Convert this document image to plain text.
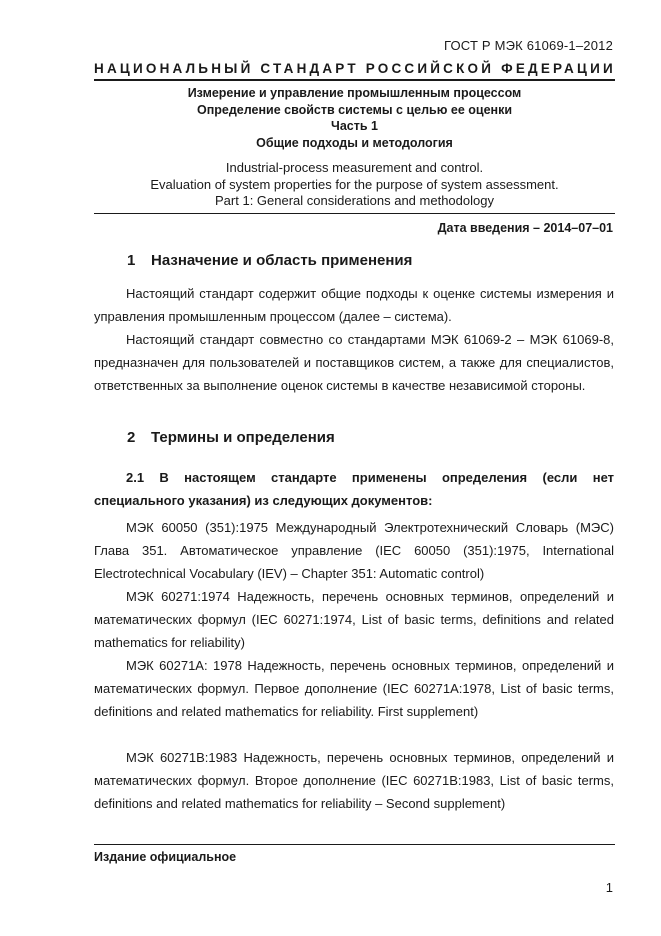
ГОСТ Р МЭК 61069-1–2012
НАЦИОНАЛЬНЫЙ СТАНДАРТ РОССИЙСКОЙ ФЕДЕРАЦИИ
Измерение и управление промышленным процессом
Определение свойств системы с целью ее оценки
Часть 1
Общие подходы и методология
Industrial-process measurement and control.
Evaluation of system properties for the purpose of system assessment.
Part 1: General considerations and methodology
Дата введения – 2014–07–01
1 Назначение и область применения
Настоящий стандарт содержит общие подходы к оценке системы измерения и управления промышленным процессом (далее – система).
Настоящий стандарт совместно со стандартами МЭК 61069-2 – МЭК 61069-8, предназначен для пользователей и поставщиков систем, а также для специалистов, ответственных за выполнение оценок системы в качестве независимой стороны.
2 Термины и определения
2.1 В настоящем стандарте применены определения (если нет специального указания) из следующих документов:
МЭК 60050 (351):1975 Международный Электротехнический Словарь (МЭС) Глава 351. Автоматическое управление (IEC 60050 (351):1975, International Electrotechnical Vocabulary (IEV) – Chapter 351: Automatic control)
МЭК 60271:1974 Надежность, перечень основных терминов, определений и математических формул (IEC 60271:1974, List of basic terms, definitions and related mathematics for reliability)
МЭК 60271А: 1978 Надежность, перечень основных терминов, определений и математических формул. Первое дополнение (IEC 60271A:1978, List of basic terms, definitions and related mathematics for reliability. First supplement)
МЭК 60271В:1983 Надежность, перечень основных терминов, определений и математических формул. Второе дополнение (IEC 60271B:1983, List of basic terms, definitions and related mathematics for reliability – Second supplement)
Издание официальное
1
